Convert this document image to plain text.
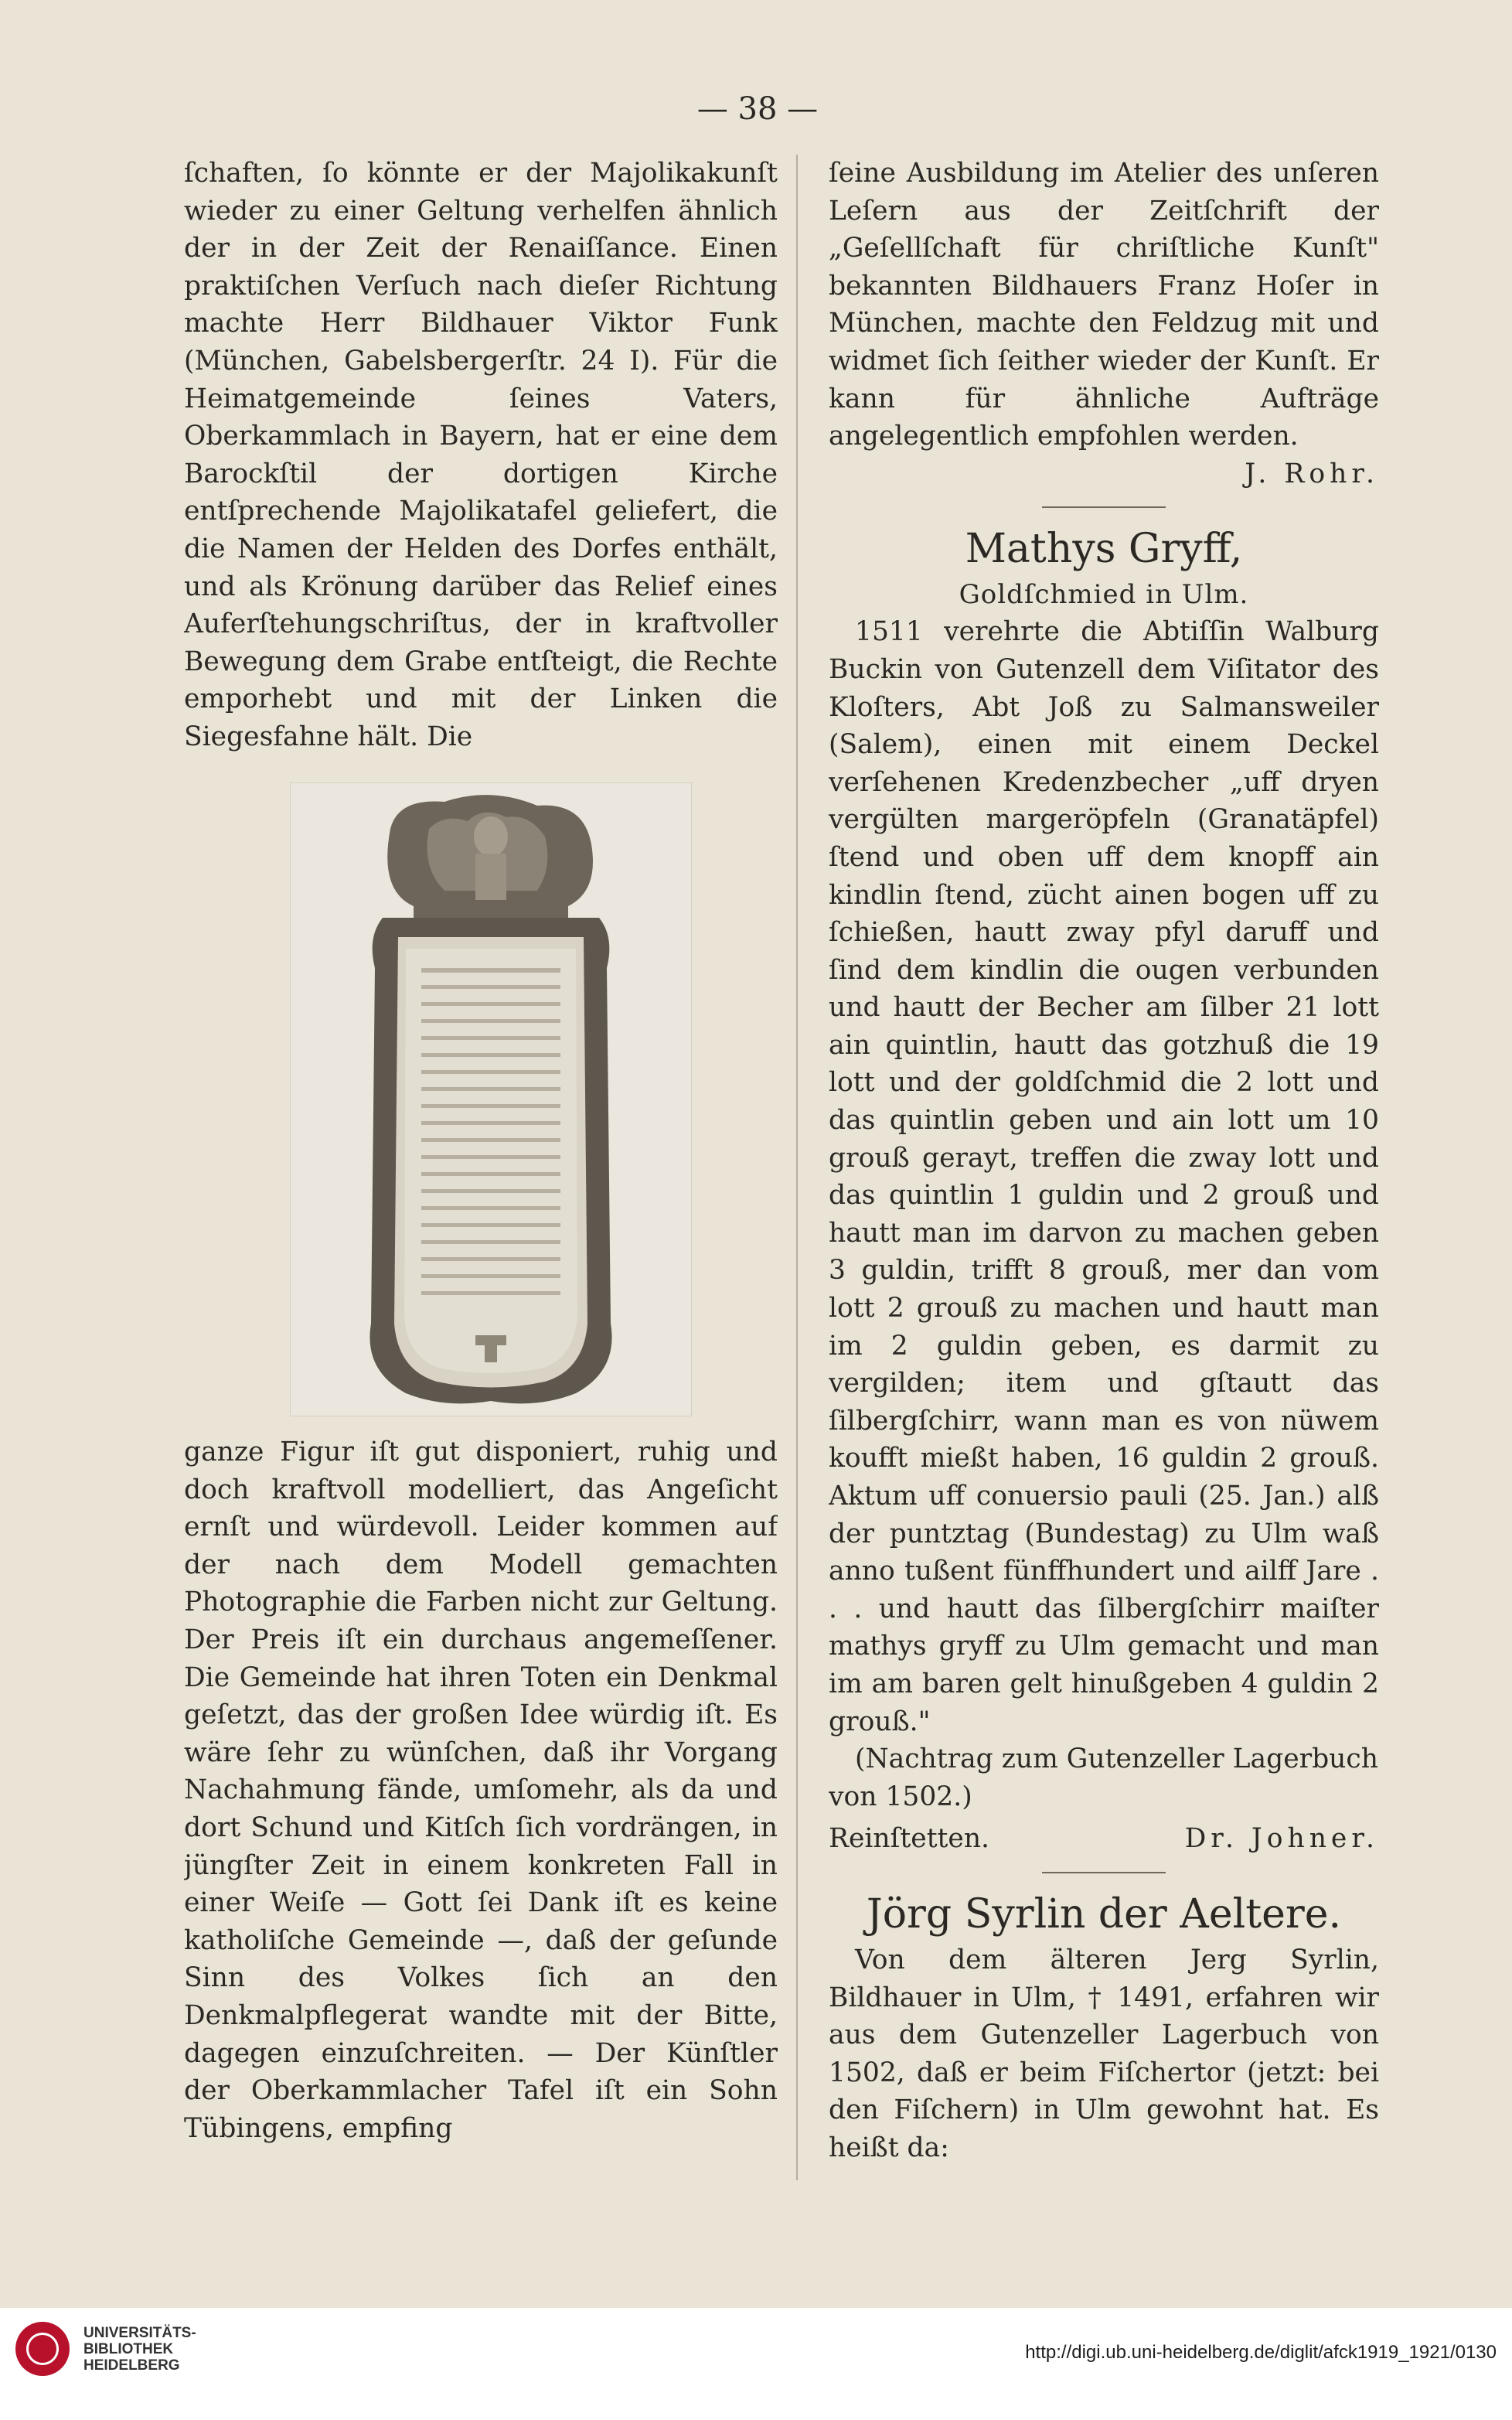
— 38 —

ſchaften, ſo könnte er der Majolikakunſt wieder zu einer Geltung verhelfen ähnlich der in der Zeit der Renaiſſance. Einen praktiſchen Verſuch nach dieſer Richtung machte Herr Bildhauer Viktor Funk (München, Gabelsbergerſtr. 24 I). Für die Heimatgemeinde ſeines Vaters, Oberkammlach in Bayern, hat er eine dem Barockſtil der dortigen Kirche entſprechende Majolikatafel geliefert, die die Namen der Helden des Dorfes enthält, und als Krönung darüber das Relief eines Auferſtehungschriſtus, der in kraftvoller Bewegung dem Grabe entſteigt, die Rechte emporhebt und mit der Linken die Siegesfahne hält. Die

ganze Figur iſt gut disponiert, ruhig und doch kraftvoll modelliert, das Angeſicht ernſt und würdevoll. Leider kommen auf der nach dem Modell gemachten Photographie die Farben nicht zur Geltung. Der Preis iſt ein durchaus angemeſſener. Die Gemeinde hat ihren Toten ein Denkmal geſetzt, das der großen Idee würdig iſt. Es wäre ſehr zu wünſchen, daß ihr Vorgang Nachahmung fände, umſomehr, als da und dort Schund und Kitſch ſich vordrängen, in jüngſter Zeit in einem konkreten Fall in einer Weiſe — Gott ſei Dank iſt es keine katholiſche Gemeinde —, daß der geſunde Sinn des Volkes ſich an den Denkmalpflegerat wandte mit der Bitte, dagegen einzuſchreiten. — Der Künſtler der Oberkammlacher Tafel iſt ein Sohn Tübingens, empfing

ſeine Ausbildung im Atelier des unſeren Leſern aus der Zeitſchrift der „Geſellſchaft für chriſtliche Kunſt" bekannten Bildhauers Franz Hoſer in München, machte den Feldzug mit und widmet ſich ſeither wieder der Kunſt. Er kann für ähnliche Aufträge angelegentlich empfohlen werden.

J. Rohr.

Mathys Gryff,

Goldſchmied in Ulm.

1511 verehrte die Abtiſſin Walburg Buckin von Gutenzell dem Viſitator des Kloſters, Abt Joß zu Salmansweiler (Salem), einen mit einem Deckel verſehenen Kredenzbecher „uff dryen vergülten margeröpfeln (Granatäpfel) ſtend und oben uff dem knopff ain kindlin ſtend, zücht ainen bogen uff zu ſchießen, hautt zway pfyl daruff und ſind dem kindlin die ougen verbunden und hautt der Becher am ſilber 21 lott ain quintlin, hautt das gotzhuß die 19 lott und der goldſchmid die 2 lott und das quintlin geben und ain lott um 10 grouß gerayt, treffen die zway lott und das quintlin 1 guldin und 2 grouß und hautt man im darvon zu machen geben 3 guldin, trifft 8 grouß, mer dan vom lott 2 grouß zu machen und hautt man im 2 guldin geben, es darmit zu vergilden; item und gſtautt das ſilbergſchirr, wann man es von nüwem koufft mießt haben, 16 guldin 2 grouß. Aktum uff conuersio pauli (25. Jan.) alß der puntztag (Bundestag) zu Ulm waß anno tußent fünffhundert und ailff Jare . . . und hautt das ſilbergſchirr maiſter mathys gryff zu Ulm gemacht und man im am baren gelt hinußgeben 4 guldin 2 grouß."

(Nachtrag zum Gutenzeller Lagerbuch von 1502.)

Reinſtetten.	Dr. Johner.

Jörg Syrlin der Aeltere.

Von dem älteren Jerg Syrlin, Bildhauer in Ulm, † 1491, erfahren wir aus dem Gutenzeller Lagerbuch von 1502, daß er beim Fiſchertor (jetzt: bei den Fiſchern) in Ulm gewohnt hat. Es heißt da:

UNIVERSITÄTS-
BIBLIOTHEK
HEIDELBERG
http://digi.ub.uni-heidelberg.de/diglit/afck1919_1921/0130
